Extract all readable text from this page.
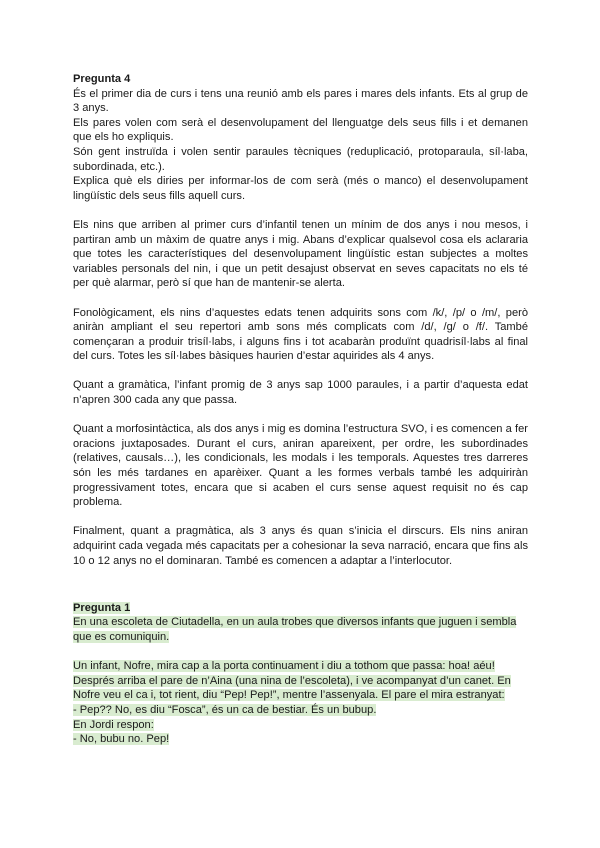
Pregunta 4

És el primer dia de curs i tens una reunió amb els pares i mares dels infants. Ets al grup de 3 anys.

Els pares volen com serà el desenvolupament del llenguatge dels seus fills i et demanen que els ho expliquis.

Són gent instruïda i volen sentir paraules tècniques (reduplicació, protoparaula, síl·laba, subordinada, etc.).

Explica què els diries per informar-los de com serà (més o manco) el desenvolupament lingüístic dels seus fills aquell curs.

Els nins que arriben al primer curs d’infantil tenen un mínim de dos anys i nou mesos, i partiran amb un màxim de quatre anys i mig. Abans d’explicar qualsevol cosa els aclararia que totes les característiques del desenvolupament lingüístic estan subjectes a moltes variables personals del nin, i que un petit desajust observat en seves capacitats no els té per què alarmar, però sí que han de mantenir-se alerta.

Fonològicament, els nins d’aquestes edats tenen adquirits sons com /k/, /p/ o /m/, però aniràn ampliant el seu repertori amb sons més complicats com /d/, /g/ o /f/. També començaran a produir trisíl·labs, i alguns fins i tot acabaràn produïnt quadrisíl·labs al final del curs. Totes les síl·labes bàsiques haurien d’estar aquirides als 4 anys.

Quant a gramàtica, l’infant promig de 3 anys sap 1000 paraules, i a partir d’aquesta edat n’apren 300 cada any que passa.

Quant a morfosintàctica, als dos anys i mig es domina l’estructura SVO, i es comencen a fer oracions juxtaposades. Durant el curs, aniran apareixent, per ordre, les subordinades (relatives, causals…), les condicionals, les modals i les temporals. Aquestes tres darreres són les més tardanes en aparèixer. Quant a les formes verbals també les adquiriràn progressivament totes, encara que si acaben el curs sense aquest requisit no és cap problema.

Finalment, quant a pragmàtica, als 3 anys és quan s’inicia el dirscurs. Els nins aniran adquirint cada vegada més capacitats per a cohesionar la seva narració, encara que fins als 10 o 12 anys no el dominaran. També es comencen a adaptar a l’interlocutor.

Pregunta 1

En una escoleta de Ciutadella, en un aula trobes que diversos infants que juguen i sembla que es comuniquin.

Un infant, Nofre, mira cap a la porta continuament i diu a tothom que passa: hoa! aéu!

Després arriba el pare de n’Aina (una nina de l’escoleta), i ve acompanyat d’un canet. En Nofre veu el ca i, tot rient, diu “Pep! Pep!”, mentre l’assenyala. El pare el mira estranyat:

- Pep?? No, es diu “Fosca”, és un ca de bestiar. És un bubup.

En Jordi respon:

- No, bubu no. Pep!
